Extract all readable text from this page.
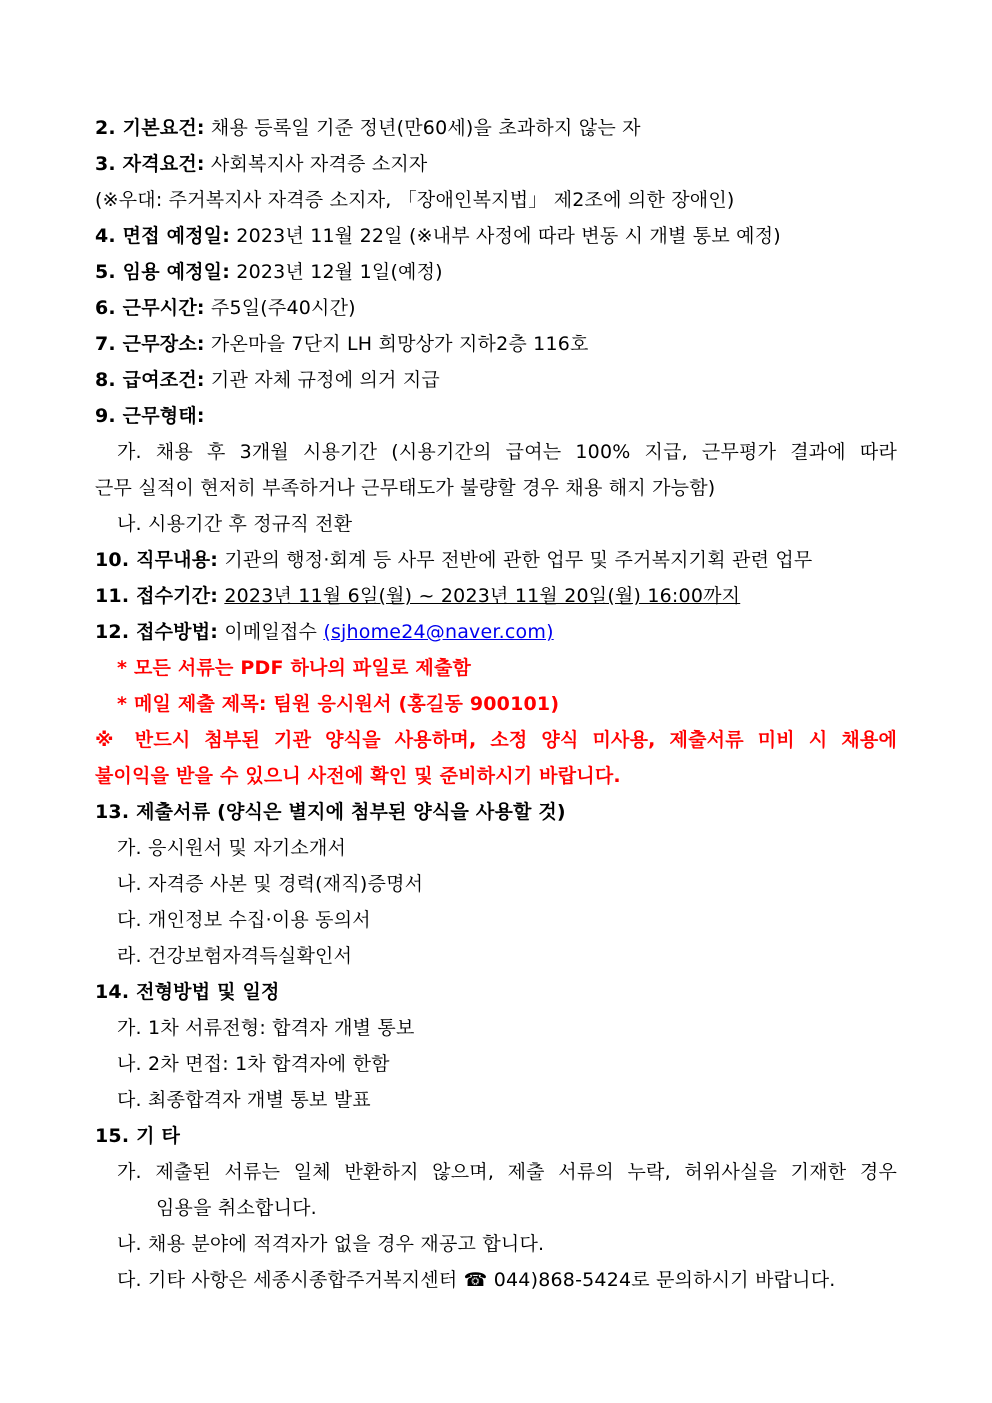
2. 기본요건: 채용 등록일 기준 정년(만60세)을 초과하지 않는 자
3. 자격요건: 사회복지사 자격증 소지자
(※우대: 주거복지사 자격증 소지자, 「장애인복지법」 제2조에 의한 장애인)
4. 면접 예정일: 2023년 11월 22일 (※내부 사정에 따라 변동 시 개별 통보 예정)
5. 임용 예정일: 2023년 12월 1일(예정)
6. 근무시간: 주5일(주40시간)
7. 근무장소: 가온마을 7단지 LH 희망상가 지하2층 116호
8. 급여조건: 기관 자체 규정에 의거 지급
9. 근무형태:
가. 채용 후 3개월 시용기간 (시용기간의 급여는 100% 지급, 근무평가 결과에 따라
근무 실적이 현저히 부족하거나 근무태도가 불량할 경우 채용 해지 가능함)
나. 시용기간 후 정규직 전환
10. 직무내용: 기관의 행정·회계 등 사무 전반에 관한 업무 및 주거복지기획 관련 업무
11. 접수기간: 2023년 11월 6일(월) ~ 2023년 11월 20일(월) 16:00까지
12. 접수방법: 이메일접수 (sjhome24@naver.com)
* 모든 서류는 PDF 하나의 파일로 제출함
* 메일 제출 제목: 팀원 응시원서 (홍길동 900101)
※ 반드시 첨부된 기관 양식을 사용하며, 소정 양식 미사용, 제출서류 미비 시 채용에
불이익을 받을 수 있으니 사전에 확인 및 준비하시기 바랍니다.
13. 제출서류 (양식은 별지에 첨부된 양식을 사용할 것)
가. 응시원서 및 자기소개서
나. 자격증 사본 및 경력(재직)증명서
다. 개인정보 수집·이용 동의서
라. 건강보험자격득실확인서
14. 전형방법 및 일정
가. 1차 서류전형: 합격자 개별 통보
나. 2차 면접: 1차 합격자에 한함
다. 최종합격자 개별 통보 발표
15. 기 타
가. 제출된 서류는 일체 반환하지 않으며, 제출 서류의 누락, 허위사실을 기재한 경우
임용을 취소합니다.
나. 채용 분야에 적격자가 없을 경우 재공고 합니다.
다. 기타 사항은 세종시종합주거복지센터 ☎ 044)868-5424로 문의하시기 바랍니다.
